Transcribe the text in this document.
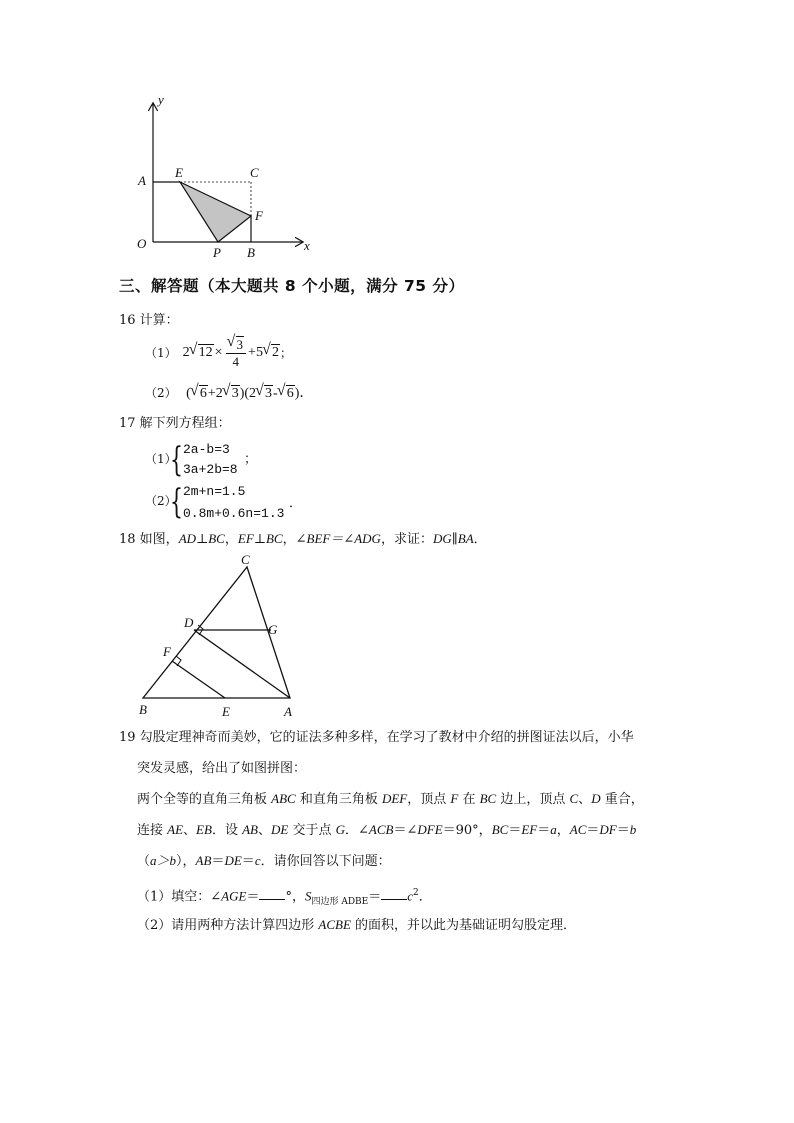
y
x
A
E	C
F
O
P B
三、解答题（本大题共 8 个小题，满分 75 分）
16 计算：
（1） 2 √ 12 × √ $\frac{3}{4} +5$ √ 2 ；
（2） ( √ 6+2 √ 3)(2 √ 3- √ 6)．
17 解下列方程组：
（1）
{ 2a-b=3
3a+2b=8
；
（2）
{ 2m+n=1.5
0.8m+0.6n=1.3
．
18 如图，AD⊥BC，EF⊥BC，∠BEF＝∠ADG，求证：DG∥BA．
C
D	G
F
B	E	A
19 勾股定理神奇而美妙，它的证法多种多样，在学习了教材中介绍的拼图证法以后，小华
突发灵感，给出了如图拼图：
两个全等的直角三角板 ABC 和直角三角板 DEF，顶点 F 在 BC 边上，顶点 C、D 重合，
连接 AE、EB．设 AB、DE 交于点 G．∠ACB＝∠DFE＝90°，BC＝EF＝a，AC＝DF＝b
（a＞b），AB＝DE＝c．请你回答以下问题：
（1）填空：∠AGE＝ °，$S_{四边形 ADBE}= c^2$．
（2）请用两种方法计算四边形 ACBE 的面积，并以此为基础证明勾股定理．
